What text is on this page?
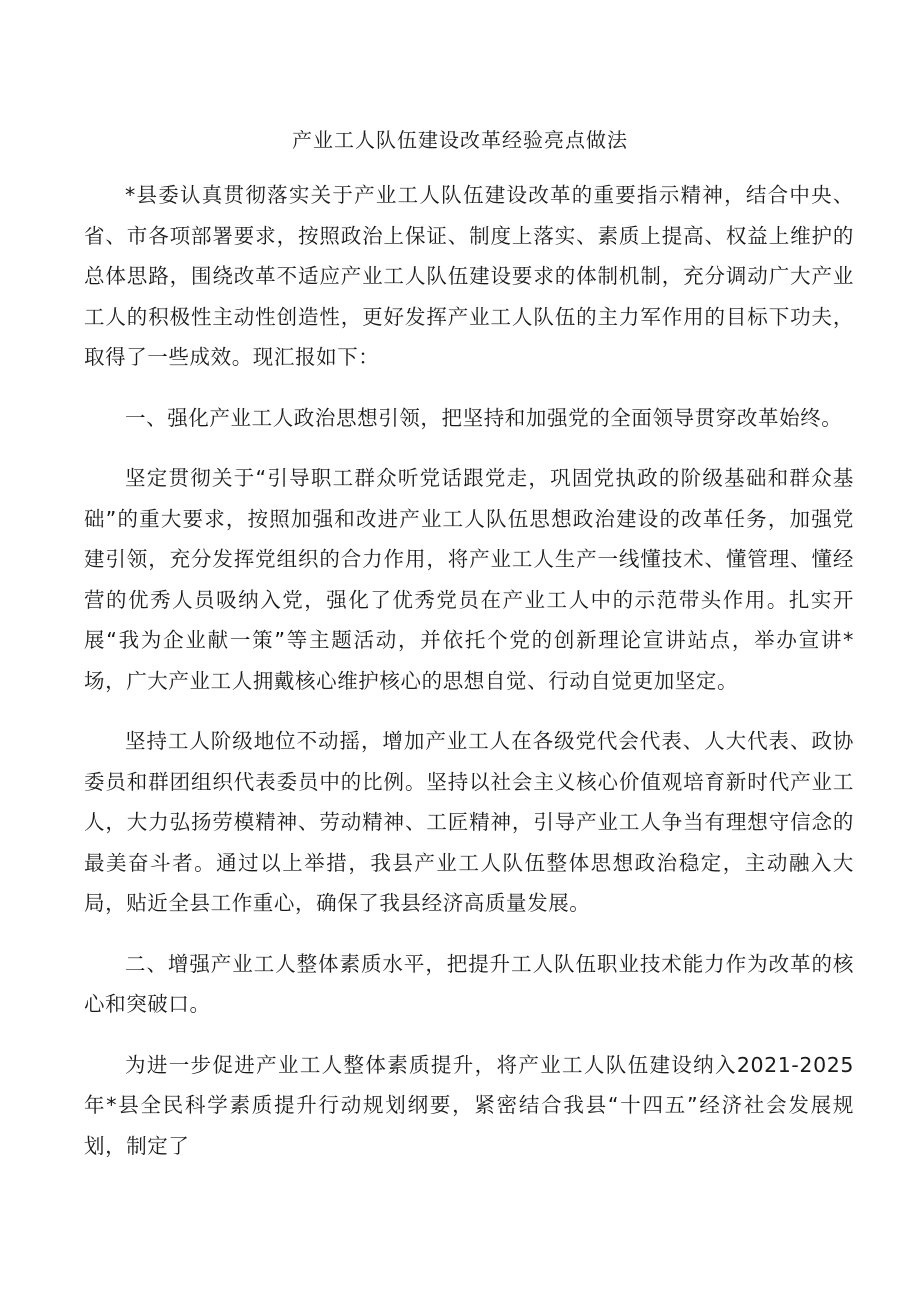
产业工人队伍建设改革经验亮点做法

*县委认真贯彻落实关于产业工人队伍建设改革的重要指示精神，结合中央、省、市各项部署要求，按照政治上保证、制度上落实、素质上提高、权益上维护的总体思路，围绕改革不适应产业工人队伍建设要求的体制机制，充分调动广大产业工人的积极性主动性创造性，更好发挥产业工人队伍的主力军作用的目标下功夫，取得了一些成效。现汇报如下：

一、强化产业工人政治思想引领，把坚持和加强党的全面领导贯穿改革始终。

坚定贯彻关于“引导职工群众听党话跟党走，巩固党执政的阶级基础和群众基础”的重大要求，按照加强和改进产业工人队伍思想政治建设的改革任务，加强党建引领，充分发挥党组织的合力作用，将产业工人生产一线懂技术、懂管理、懂经营的优秀人员吸纳入党，强化了优秀党员在产业工人中的示范带头作用。扎实开展“我为企业献一策”等主题活动，并依托个党的创新理论宣讲站点，举办宣讲*场，广大产业工人拥戴核心维护核心的思想自觉、行动自觉更加坚定。

坚持工人阶级地位不动摇，增加产业工人在各级党代会代表、人大代表、政协委员和群团组织代表委员中的比例。坚持以社会主义核心价值观培育新时代产业工人，大力弘扬劳模精神、劳动精神、工匠精神，引导产业工人争当有理想守信念的最美奋斗者。通过以上举措，我县产业工人队伍整体思想政治稳定，主动融入大局，贴近全县工作重心，确保了我县经济高质量发展。

二、增强产业工人整体素质水平，把提升工人队伍职业技术能力作为改革的核心和突破口。

为进一步促进产业工人整体素质提升，将产业工人队伍建设纳入2021-2025年*县全民科学素质提升行动规划纲要，紧密结合我县“十四五”经济社会发展规划，制定了
